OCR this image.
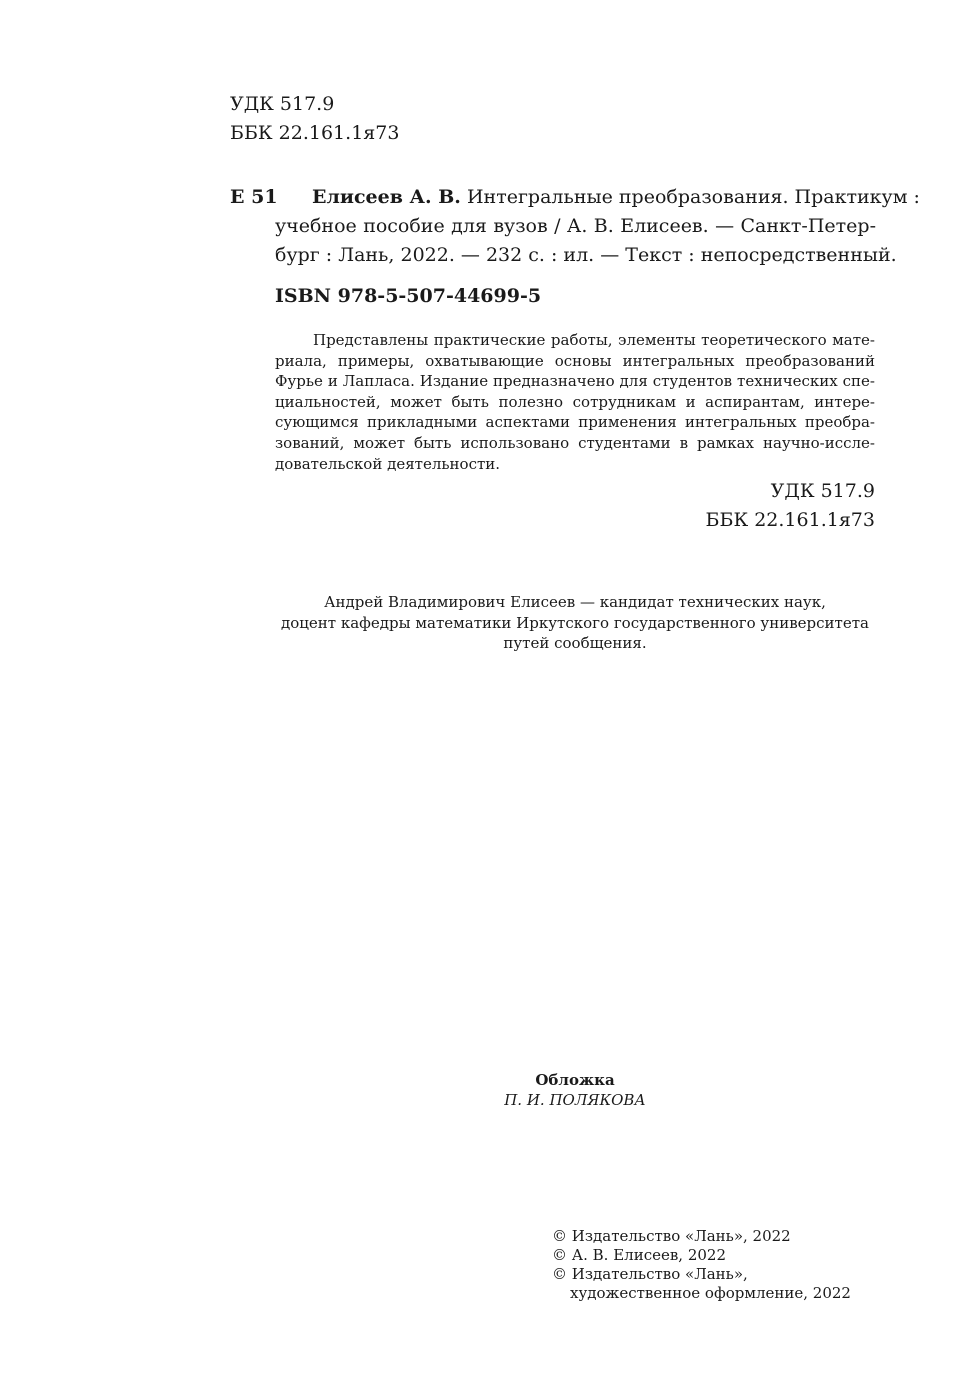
УДК 517.9
ББК 22.161.1я73
Е 51 Елисеев А. В. Интегральные преобразования. Практикум :
учебное пособие для вузов / А. В. Елисеев. — Санкт-Петер-
бург : Лань, 2022. — 232 с. : ил. — Текст : непосредственный.
ISBN 978-5-507-44699-5
Представлены практические работы, элементы теоретического мате-
риала, примеры, охватывающие основы интегральных преобразований
Фурье и Лапласа. Издание предназначено для студентов технических спе-
циальностей, может быть полезно сотрудникам и аспирантам, интере-
сующимся прикладными аспектами применения интегральных преобра-
зований, может быть использовано студентами в рамках научно-иссле-
довательской деятельности.
УДК 517.9
ББК 22.161.1я73
Андрей Владимирович Елисеев — кандидат технических наук,
доцент кафедры математики Иркутского государственного университета
путей сообщения.
Обложка
П. И. ПОЛЯКОВА
© Издательство «Лань», 2022
© А. В. Елисеев, 2022
© Издательство «Лань»,
художественное оформление, 2022
